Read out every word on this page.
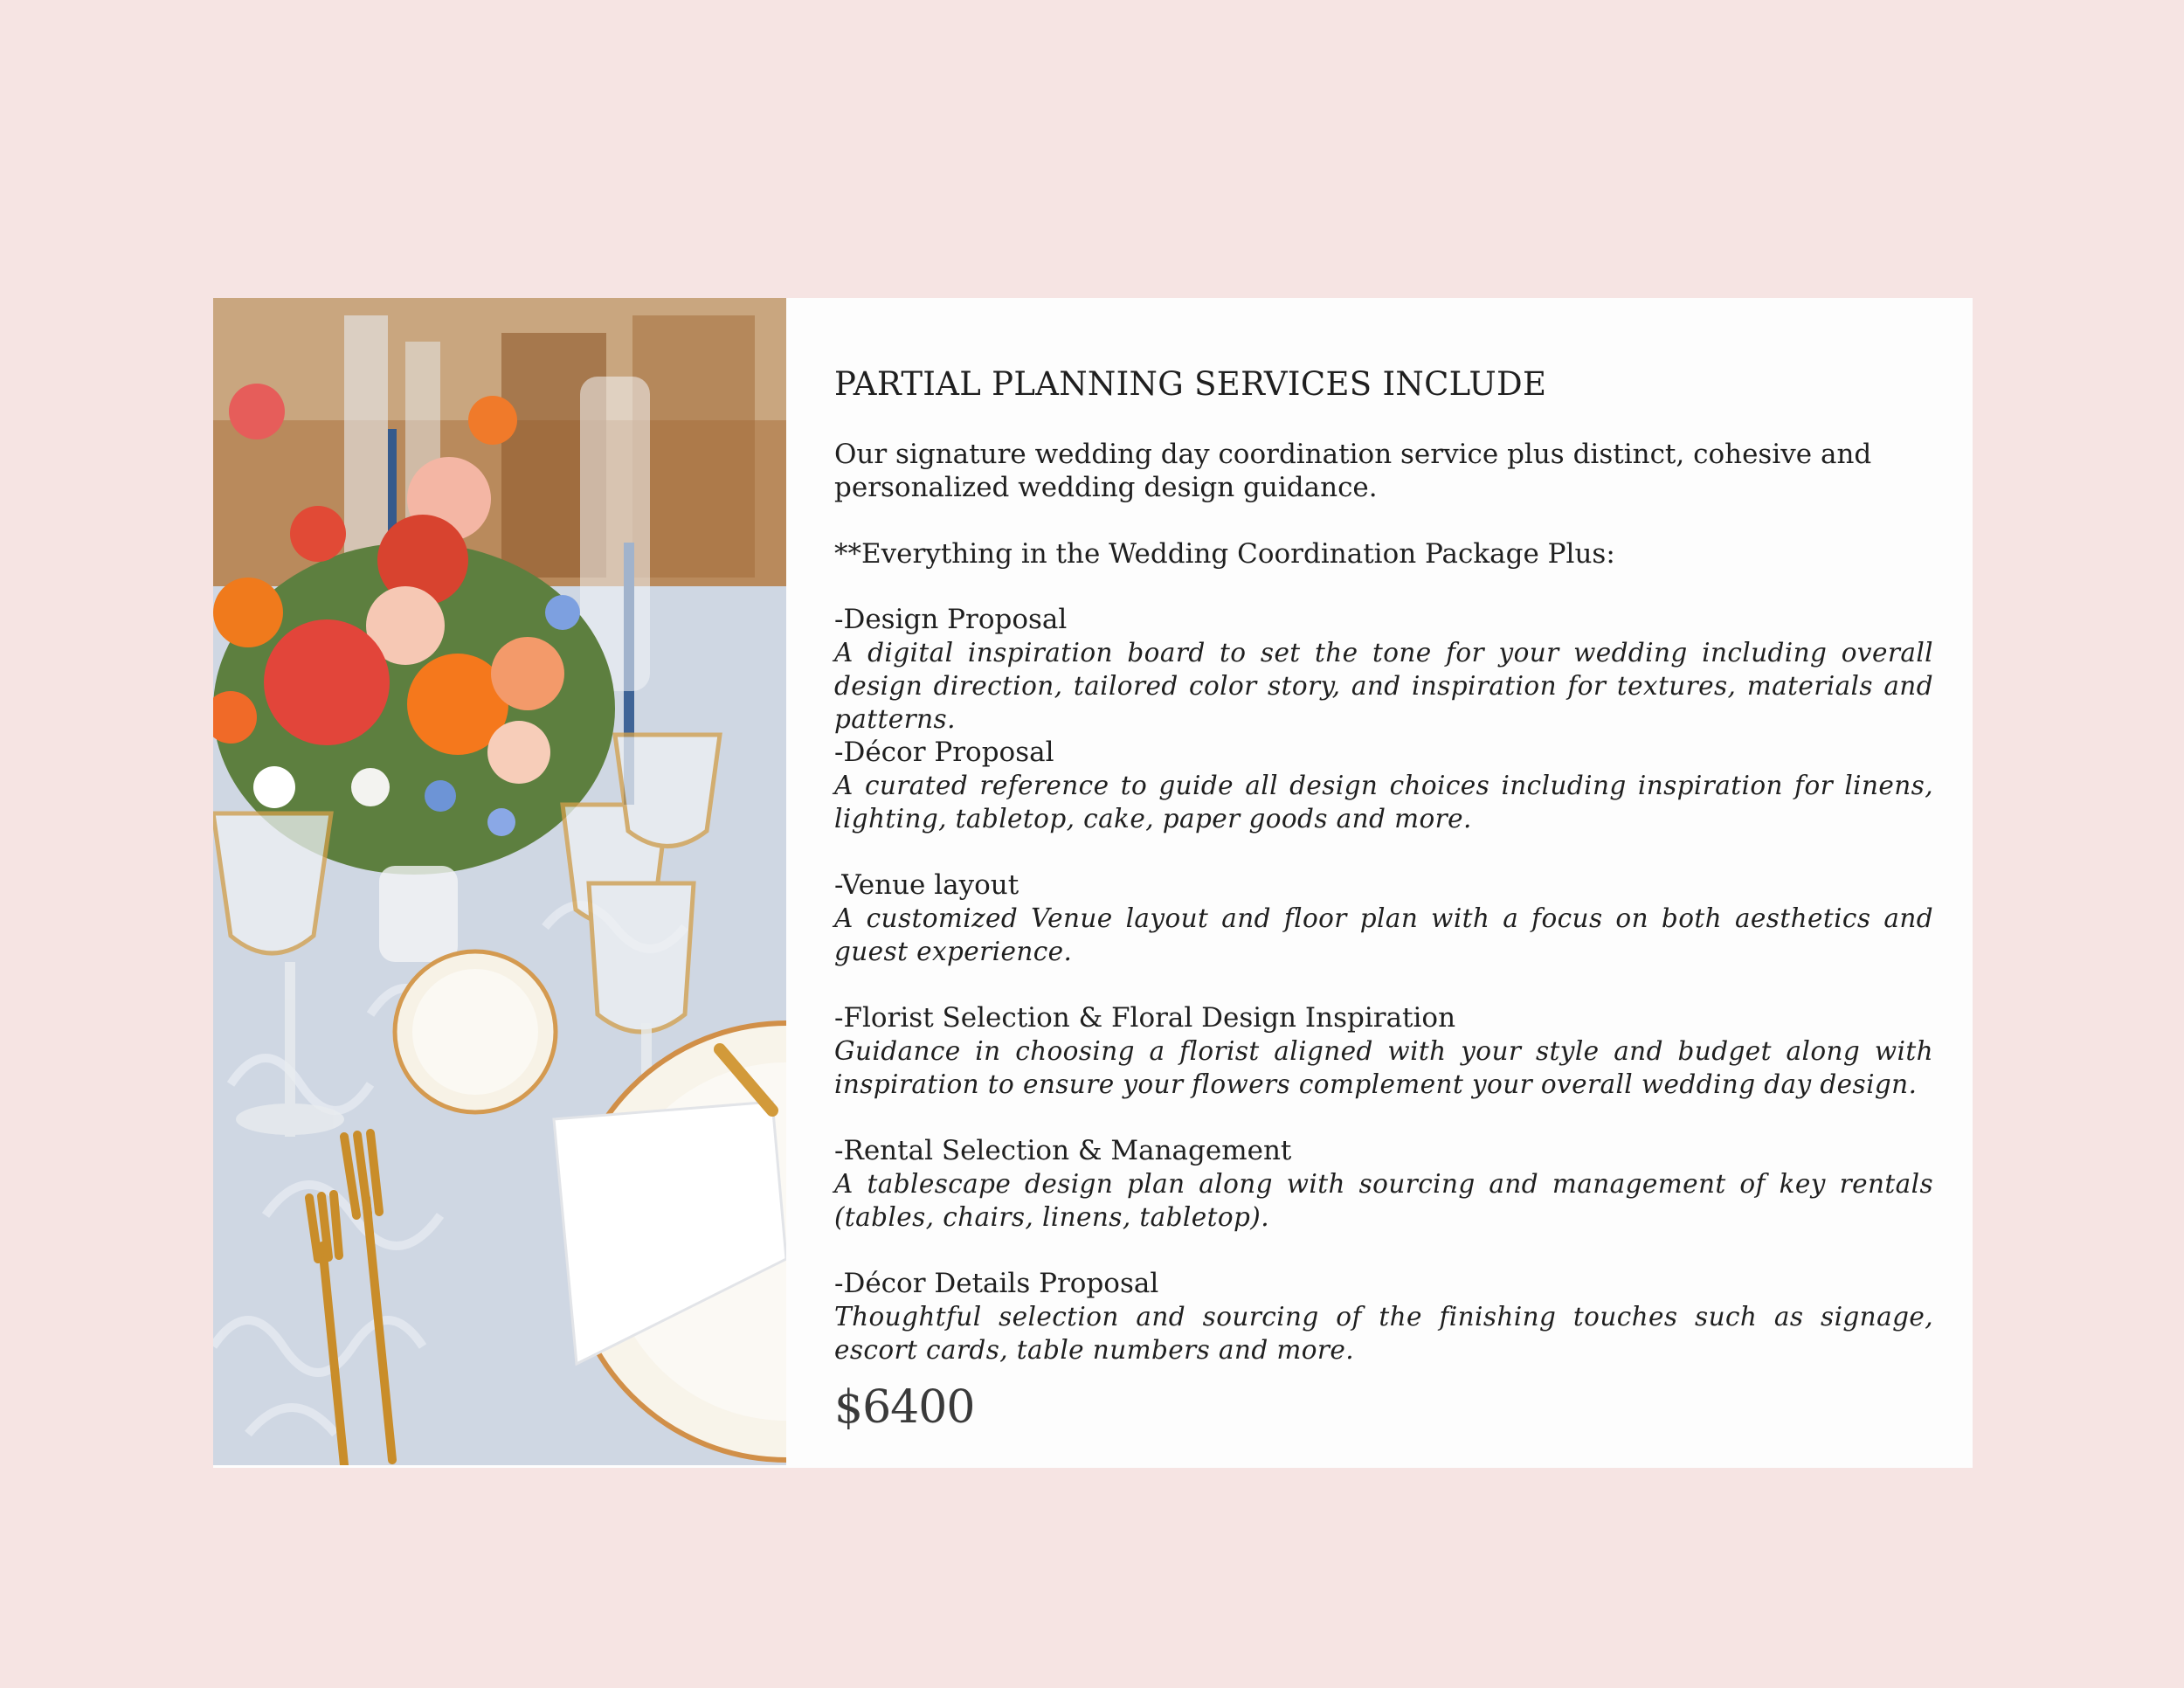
PARTIAL PLANNING SERVICES INCLUDE
Our signature wedding day coordination service plus distinct, cohesive and personalized wedding design guidance.
**Everything in the Wedding Coordination Package Plus:
-Design Proposal
A digital inspiration board to set the tone for your wedding including overall design direction, tailored color story, and inspiration for textures, materials and patterns.
-Décor Proposal
A curated reference to guide all design choices including inspiration for linens, lighting, tabletop, cake, paper goods and more.
-Venue layout
A customized Venue layout and floor plan with a focus on both aesthetics and guest experience.
-Florist Selection & Floral Design Inspiration
Guidance in choosing a florist aligned with your style and budget along with inspiration to ensure your flowers complement your overall wedding day design.
-Rental Selection & Management
A tablescape design plan along with sourcing and management of key rentals (tables, chairs, linens, tabletop).
-Décor Details Proposal
Thoughtful selection and sourcing of the finishing touches such as signage, escort cards, table numbers and more.
$6400
